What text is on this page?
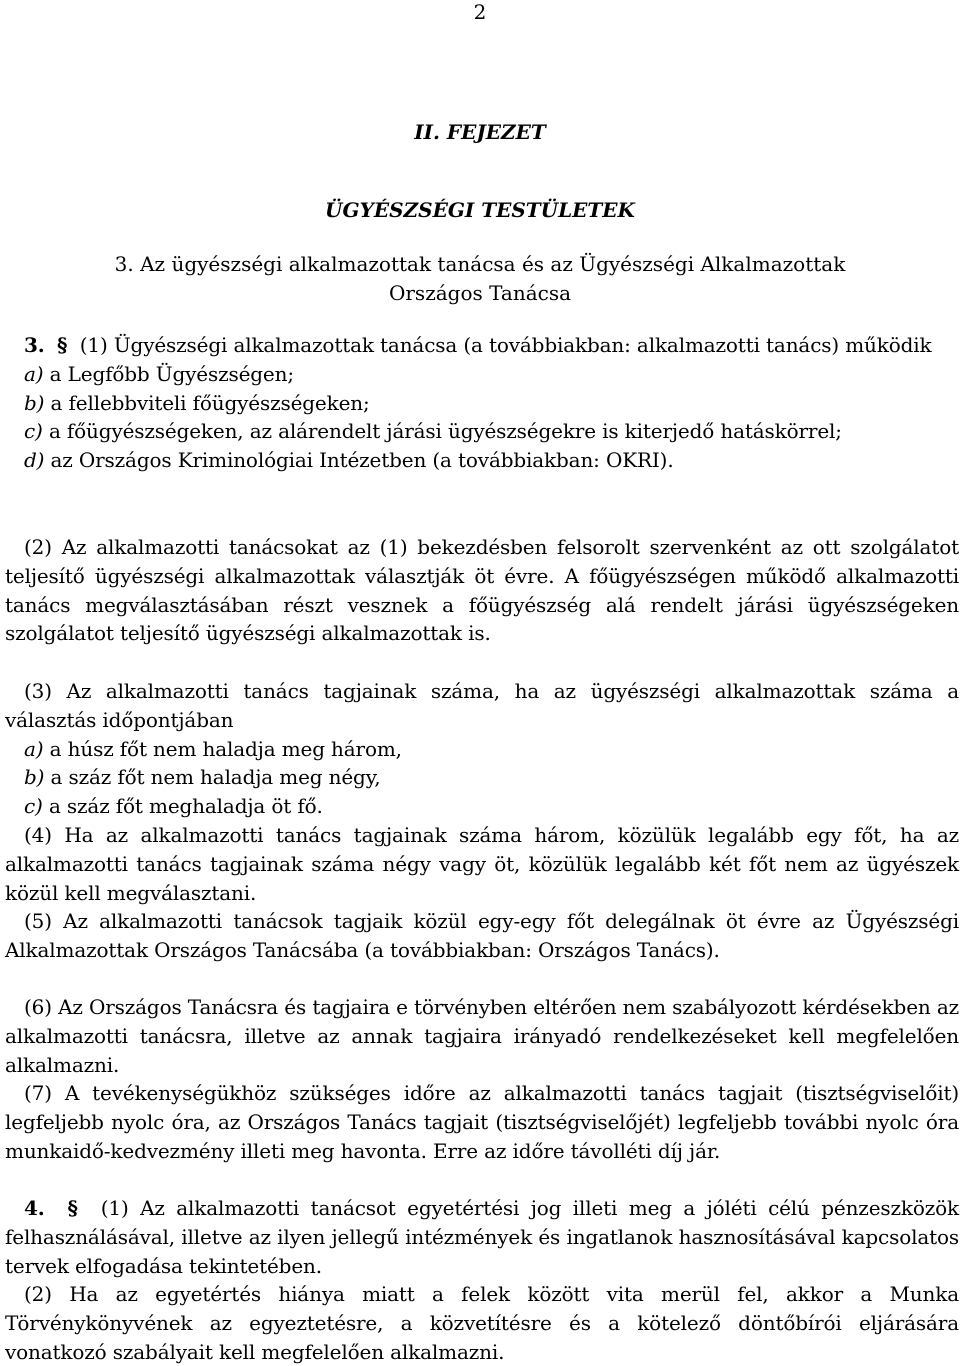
2
II. FEJEZET
ÜGYÉSZSÉGI TESTÜLETEK
3. Az ügyészségi alkalmazottak tanácsa és az Ügyészségi Alkalmazottak
Országos Tanácsa
3. § (1) Ügyészségi alkalmazottak tanácsa (a továbbiakban: alkalmazotti tanács) működik
a) a Legfőbb Ügyészségen;
b) a fellebbviteli főügyészségeken;
c) a főügyészségeken, az alárendelt járási ügyészségekre is kiterjedő hatáskörrel;
d) az Országos Kriminológiai Intézetben (a továbbiakban: OKRI).
(2) Az alkalmazotti tanácsokat az (1) bekezdésben felsorolt szervenként az ott szolgálatot teljesítő ügyészségi alkalmazottak választják öt évre. A főügyészségen működő alkalmazotti tanács megválasztásában részt vesznek a főügyészség alá rendelt járási ügyészségeken szolgálatot teljesítő ügyészségi alkalmazottak is.
(3) Az alkalmazotti tanács tagjainak száma, ha az ügyészségi alkalmazottak száma a választás időpontjában
a) a húsz főt nem haladja meg három,
b) a száz főt nem haladja meg négy,
c) a száz főt meghaladja öt fő.
(4) Ha az alkalmazotti tanács tagjainak száma három, közülük legalább egy főt, ha az alkalmazotti tanács tagjainak száma négy vagy öt, közülük legalább két főt nem az ügyészek közül kell megválasztani.
(5) Az alkalmazotti tanácsok tagjaik közül egy-egy főt delegálnak öt évre az Ügyészségi Alkalmazottak Országos Tanácsába (a továbbiakban: Országos Tanács).
(6) Az Országos Tanácsra és tagjaira e törvényben eltérően nem szabályozott kérdésekben az alkalmazotti tanácsra, illetve az annak tagjaira irányadó rendelkezéseket kell megfelelően alkalmazni.
(7) A tevékenységükhöz szükséges időre az alkalmazotti tanács tagjait (tisztségviselőit) legfeljebb nyolc óra, az Országos Tanács tagjait (tisztségviselőjét) legfeljebb további nyolc óra munkaidő-kedvezmény illeti meg havonta. Erre az időre távolléti díj jár.
4. § (1) Az alkalmazotti tanácsot egyetértési jog illeti meg a jóléti célú pénzeszközök felhasználásával, illetve az ilyen jellegű intézmények és ingatlanok hasznosításával kapcsolatos tervek elfogadása tekintetében.
(2) Ha az egyetértés hiánya miatt a felek között vita merül fel, akkor a Munka Törvénykönyvének az egyeztetésre, a közvetítésre és a kötelező döntőbírói eljárására vonatkozó szabályait kell megfelelően alkalmazni.
